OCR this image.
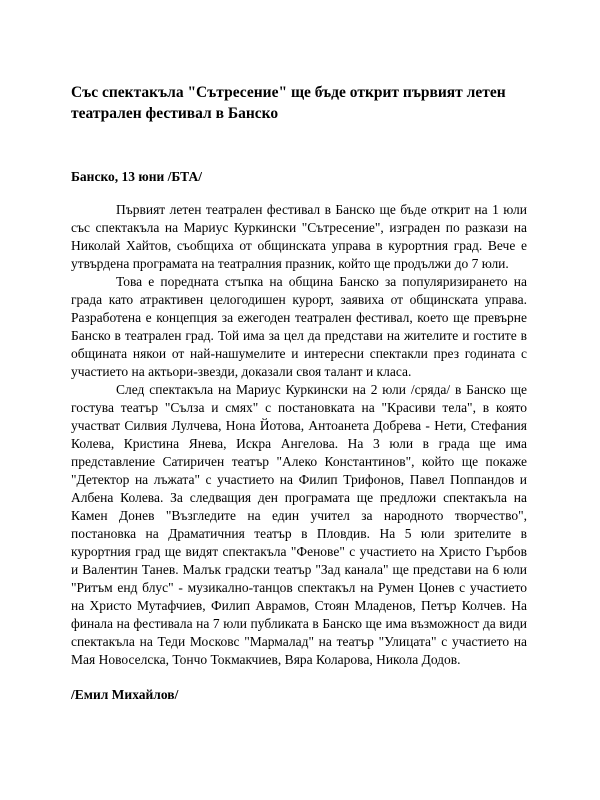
Със спектакъла "Сътресение" ще бъде открит първият летен театрален фестивал в Банско

Банско, 13 юни /БТА/

Първият летен театрален фестивал в Банско ще бъде открит на 1 юли със спектакъла на Мариус Куркински "Сътресение", изграден по разкази на Николай Хайтов, съобщиха от общинската управа в курортния град. Вече е утвърдена програмата на театралния празник, който ще продължи до 7 юли.

Това е поредната стъпка на община Банско за популяризирането на града като атрактивен целогодишен курорт, заявиха от общинската управа. Разработена е концепция за ежегоден театрален фестивал, което ще превърне Банско в театрален град. Той има за цел да представи на жителите и гостите в общината някои от най-нашумелите и интересни спектакли през годината с участието на актьори-звезди, доказали своя талант и класа.

След спектакъла на Мариус Куркински на 2 юли /сряда/ в Банско ще гостува театър "Сълза и смях" с постановката на "Красиви тела", в която участват Силвия Лулчева, Нона Йотова, Антоанета Добрева - Нети, Стефания Колева, Кристина Янева, Искра Ангелова. На 3 юли в града ще има представление Сатиричен театър "Алеко Константинов", който ще покаже "Детектор на лъжата" с участието на Филип Трифонов, Павел Поппандов и Албена Колева. За следващия ден програмата ще предложи спектакъла на Камен Донев "Възгледите на един учител за народното творчество", постановка на Драматичния театър в Пловдив. На 5 юли зрителите в курортния град ще видят спектакъла "Фенове" с участието на Христо Гърбов и Валентин Танев. Малък градски театър "Зад канала" ще представи на 6 юли "Ритъм енд блус" - музикално-танцов спектакъл на Румен Цонев с участието на Христо Мутафчиев, Филип Аврамов, Стоян Младенов, Петър Колчев. На финала на фестивала на 7 юли публиката в Банско ще има възможност да види спектакъла на Теди Московс "Мармалад" на театър "Улицата" с участието на Мая Новоселска, Тончо Токмакчиев, Вяра Коларова, Никола Додов.

/Емил Михайлов/
